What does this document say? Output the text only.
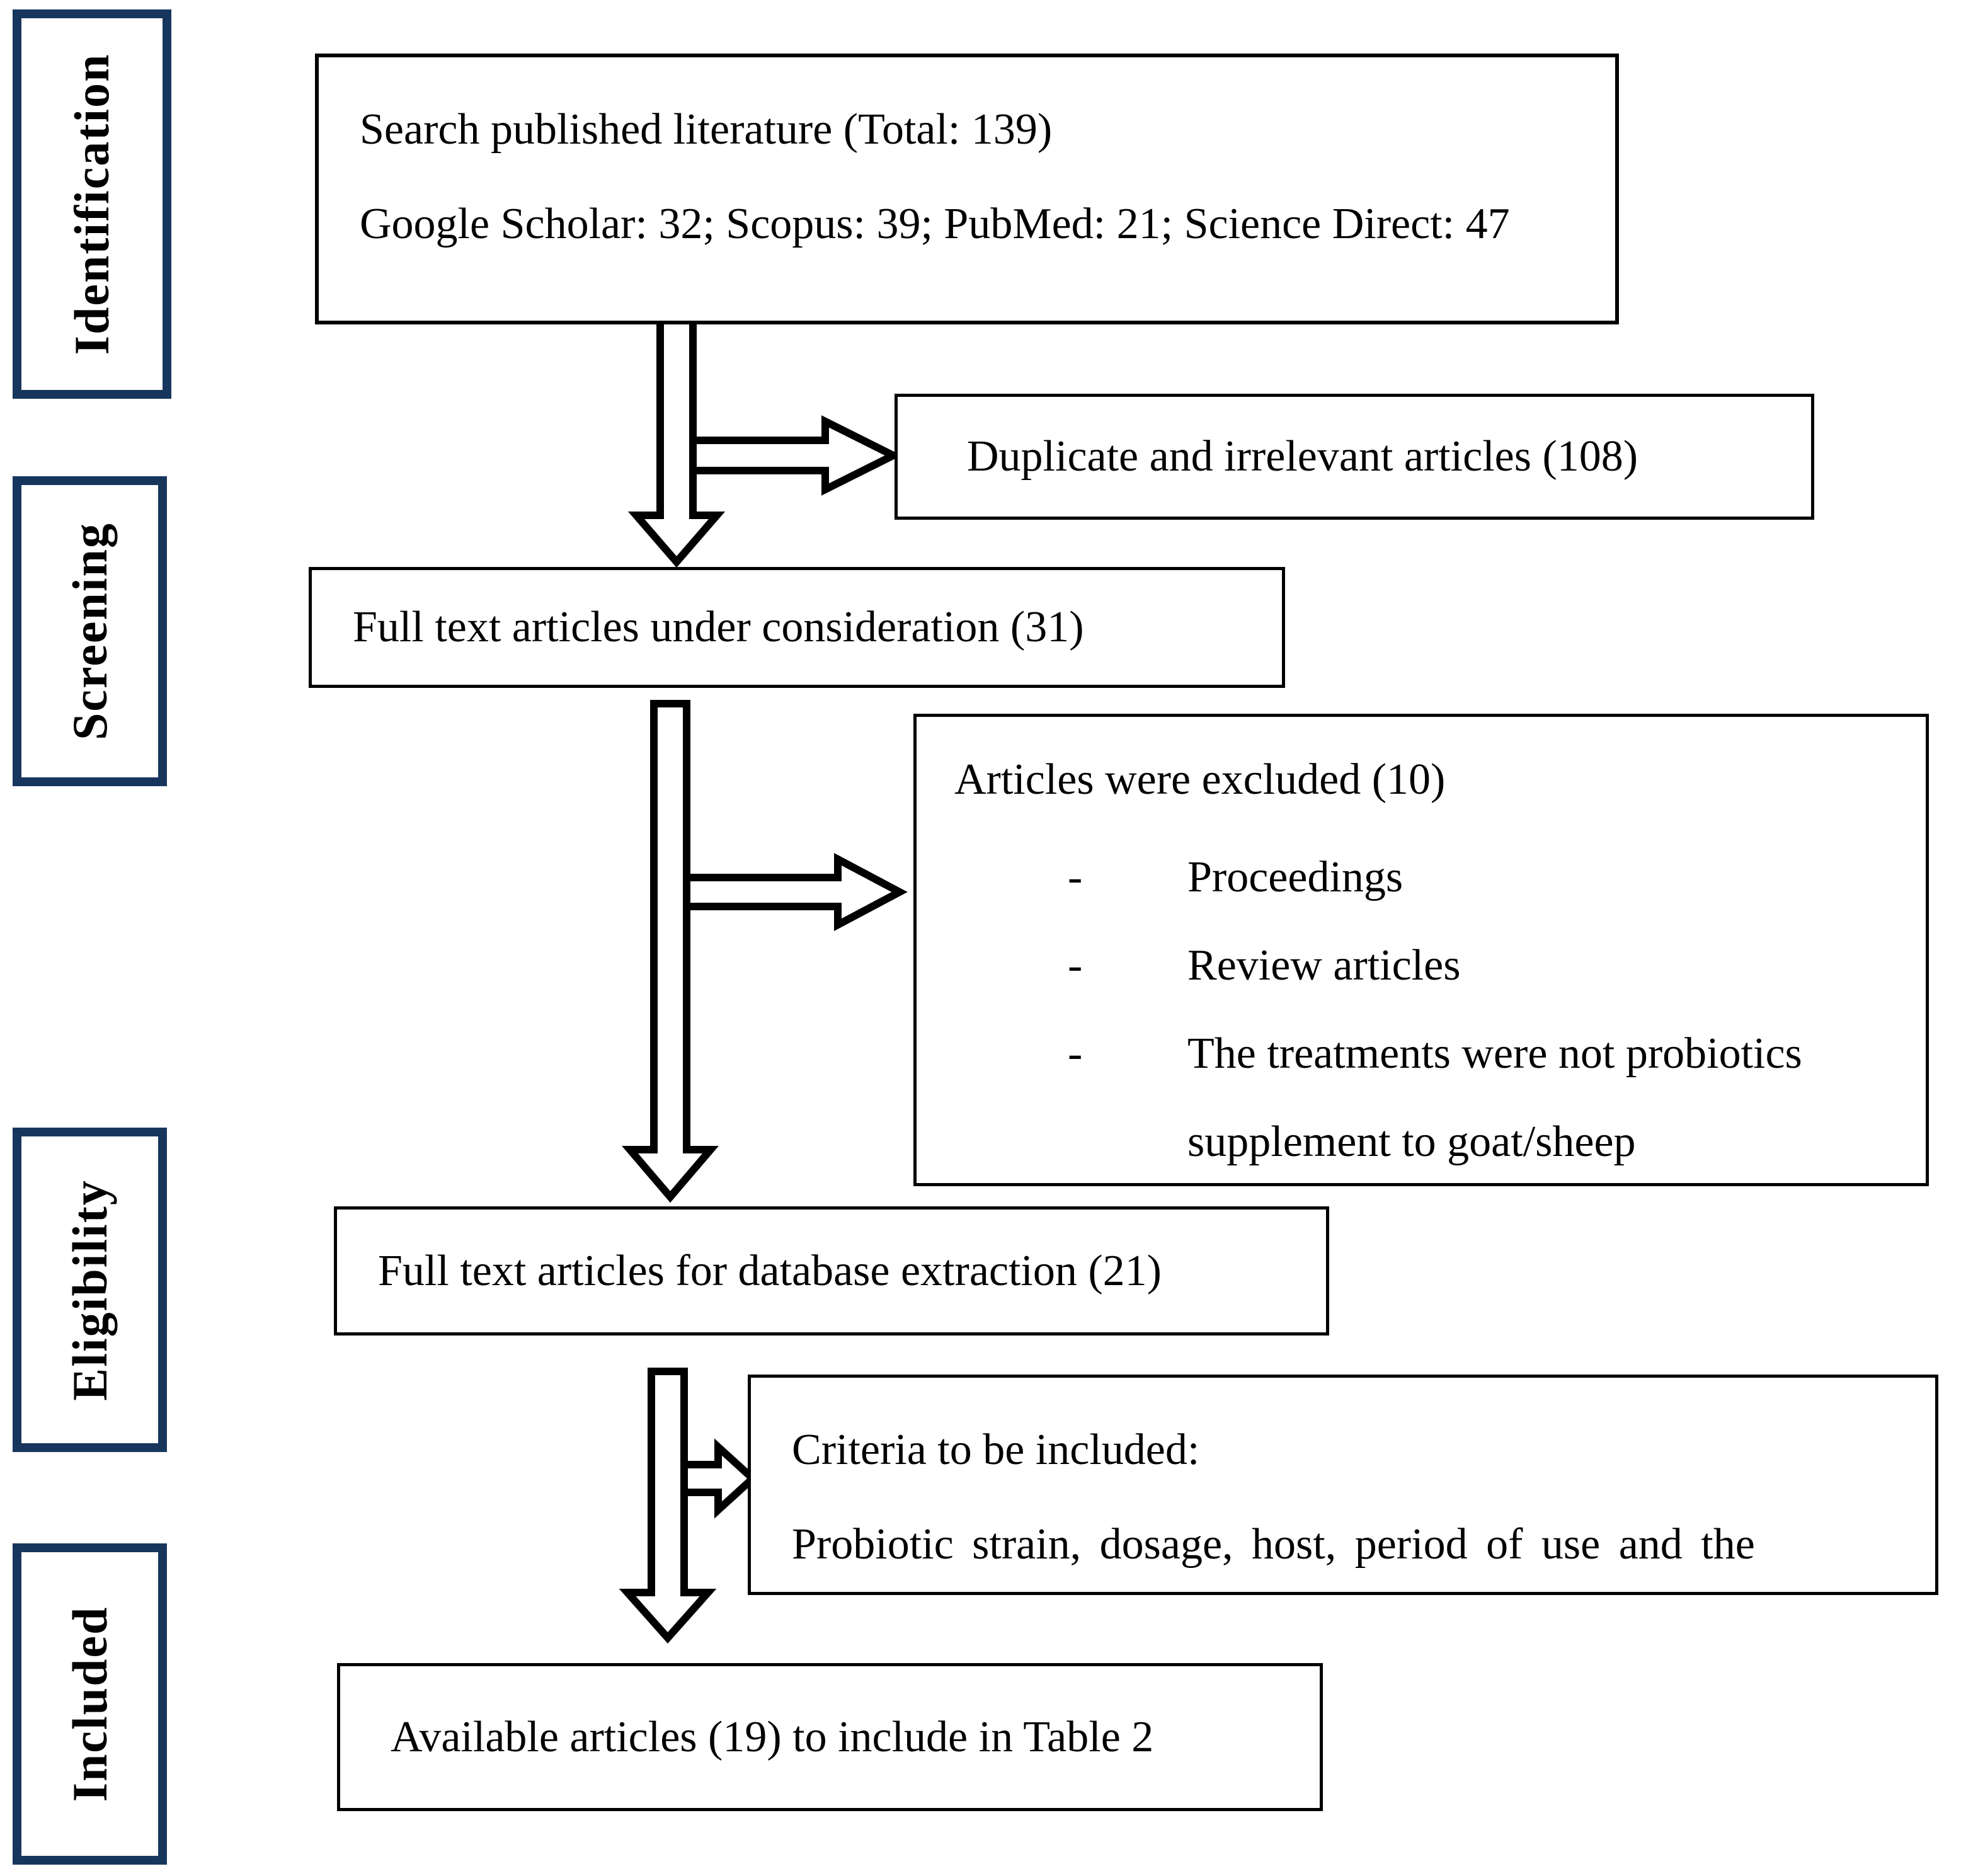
Identification
Screening
Eligibility
Included
Search published literature (Total: 139)
Google Scholar: 32; Scopus: 39; PubMed: 21; Science Direct: 47
Duplicate and irrelevant articles (108)
Full text articles under consideration (31)
Articles were excluded (10)
-	Proceedings
-	Review articles
-	The treatments were not probiotics supplement to goat/sheep
Full text articles for database extraction (21)
Criteria to be included:
Probiotic strain, dosage, host, period of use and the
Available articles (19) to include in Table 2
